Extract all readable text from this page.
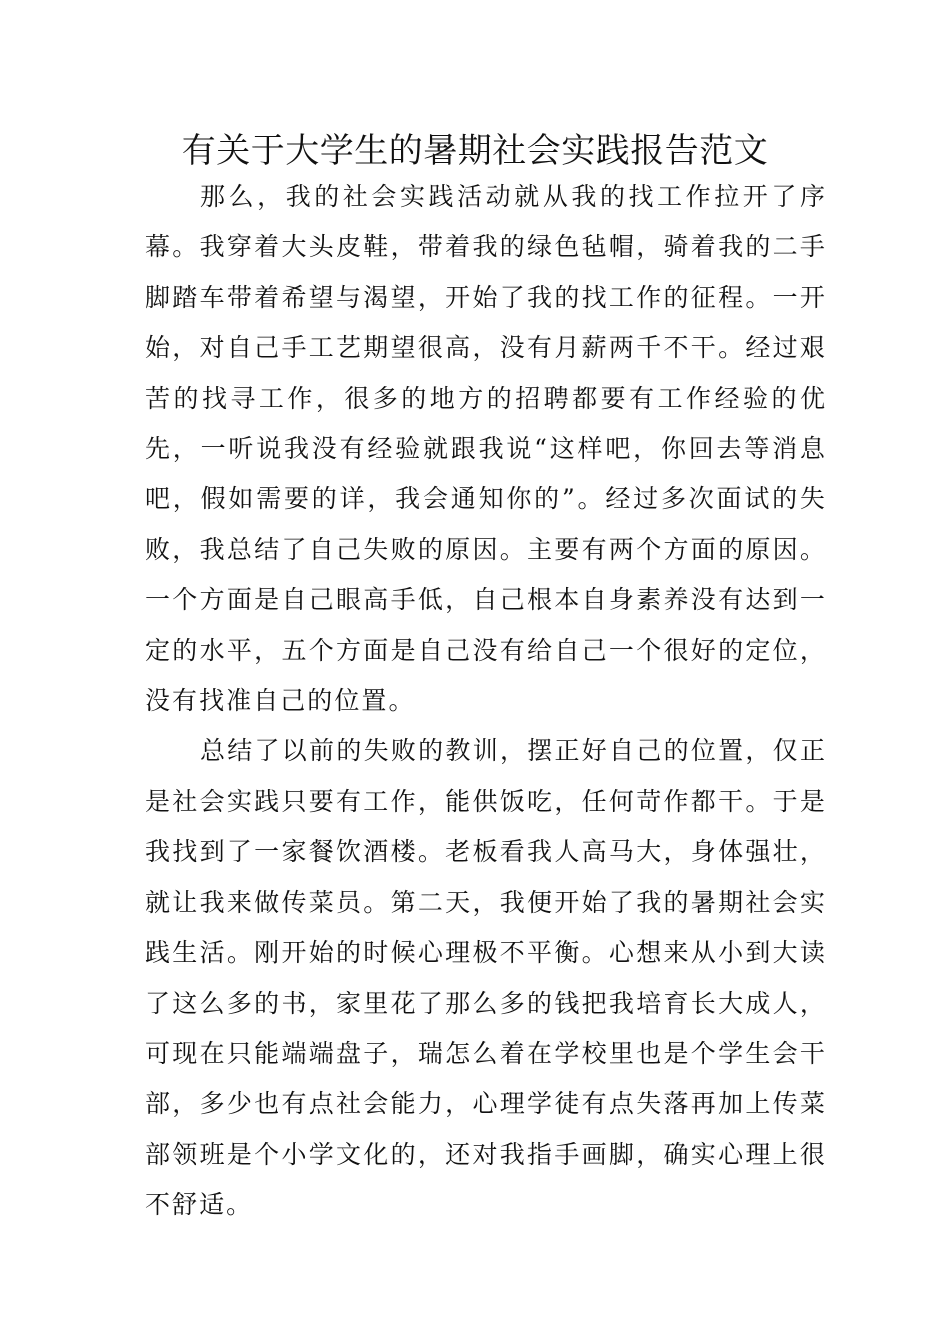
有关于大学生的暑期社会实践报告范文

那么，我的社会实践活动就从我的找工作拉开了序幕。我穿着大头皮鞋，带着我的绿色毡帽，骑着我的二手脚踏车带着希望与渴望，开始了我的找工作的征程。一开始，对自己手工艺期望很高，没有月薪两千不干。经过艰苦的找寻工作，很多的地方的招聘都要有工作经验的优先，一听说我没有经验就跟我说“这样吧，你回去等消息吧，假如需要的详，我会通知你的”。经过多次面试的失败，我总结了自己失败的原因。主要有两个方面的原因。一个方面是自己眼高手低，自己根本自身素养没有达到一定的水平，五个方面是自己没有给自己一个很好的定位，没有找准自己的位置。

总结了以前的失败的教训，摆正好自己的位置，仅正是社会实践只要有工作，能供饭吃，任何苛作都干。于是我找到了一家餐饮酒楼。老板看我人高马大，身体强壮，就让我来做传菜员。第二天，我便开始了我的暑期社会实践生活。刚开始的时候心理极不平衡。心想来从小到大读了这么多的书，家里花了那么多的钱把我培育长大成人，可现在只能端端盘子，瑞怎么着在学校里也是个学生会干部，多少也有点社会能力，心理学徒有点失落再加上传菜部领班是个小学文化的，还对我指手画脚，确实心理上很不舒适。
